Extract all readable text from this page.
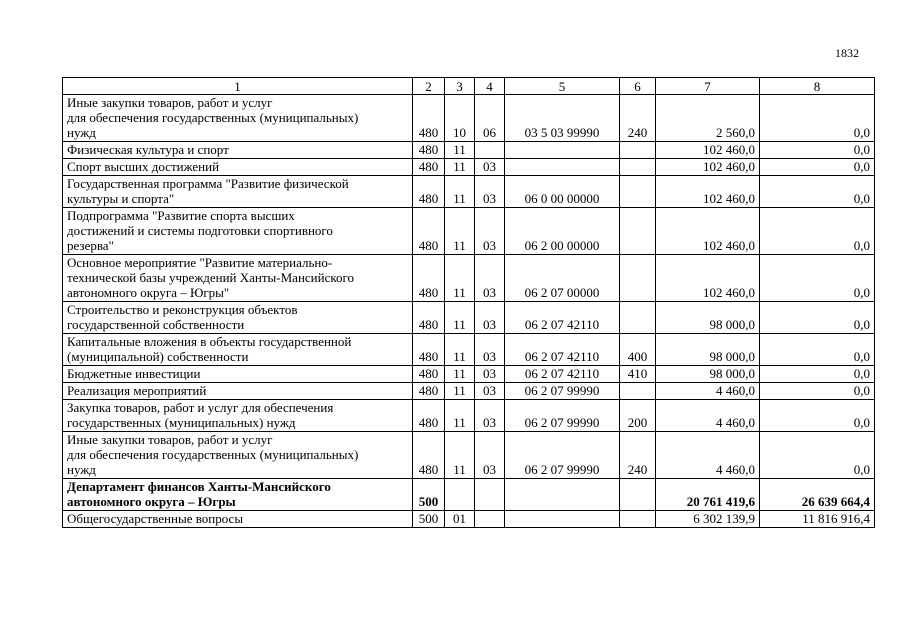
1832
1	2	3	4	5	6	7	8
Иные закупки товаров, работ и услуг
для обеспечения государственных (муниципальных)
нужд	480	10	06	03 5 03 99990	240	2 560,0	0,0
Физическая культура и спорт	480	11				102 460,0	0,0
Спорт высших достижений	480	11	03			102 460,0	0,0
Государственная программа "Развитие физической
культуры и спорта"	480	11	03	06 0 00 00000		102 460,0	0,0
Подпрограмма "Развитие спорта высших
достижений и системы подготовки спортивного
резерва"	480	11	03	06 2 00 00000		102 460,0	0,0
Основное мероприятие "Развитие материально-
технической базы учреждений Ханты-Мансийского
автономного округа – Югры"	480	11	03	06 2 07 00000		102 460,0	0,0
Строительство и реконструкция объектов
государственной собственности	480	11	03	06 2 07 42110		98 000,0	0,0
Капитальные вложения в объекты государственной
(муниципальной) собственности	480	11	03	06 2 07 42110	400	98 000,0	0,0
Бюджетные инвестиции	480	11	03	06 2 07 42110	410	98 000,0	0,0
Реализация мероприятий	480	11	03	06 2 07 99990		4 460,0	0,0
Закупка товаров, работ и услуг для обеспечения
государственных (муниципальных) нужд	480	11	03	06 2 07 99990	200	4 460,0	0,0
Иные закупки товаров, работ и услуг
для обеспечения государственных (муниципальных)
нужд	480	11	03	06 2 07 99990	240	4 460,0	0,0
Департамент финансов Ханты-Мансийского
автономного округа – Югры	500					20 761 419,6	26 639 664,4
Общегосударственные вопросы	500	01				6 302 139,9	11 816 916,4
